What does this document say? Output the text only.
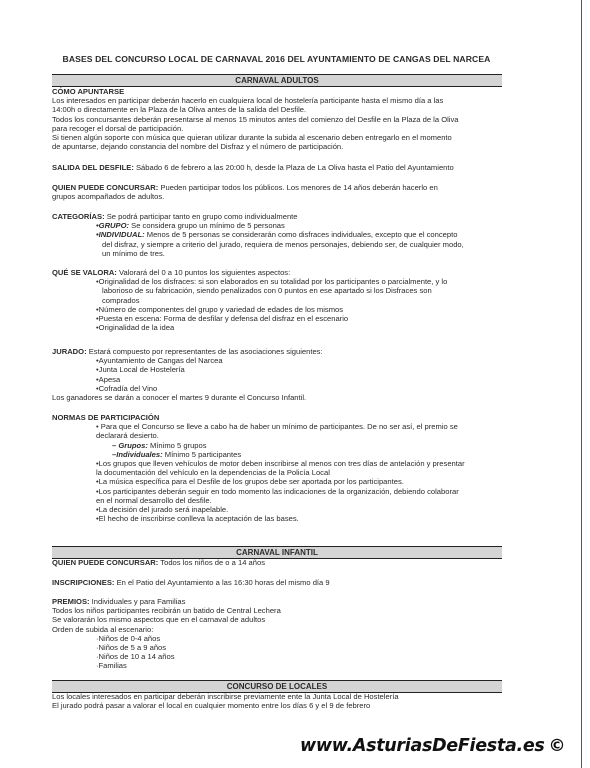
BASES DEL CONCURSO LOCAL DE CARNAVAL 2016 DEL AYUNTAMIENTO DE CANGAS DEL NARCEA
CARNAVAL ADULTOS
CÓMO APUNTARSE
Los interesados en participar deberán hacerlo en cualquiera local de hostelería participante hasta el mismo día a las
14:00h o directamente en la Plaza de la Oliva antes de la salida del Desfile.
Todos los concursantes deberán presentarse al menos 15 minutos antes del comienzo del Desfile en la Plaza de la Oliva
para recoger el dorsal de participación.
Si tienen algún soporte con música que quieran utilizar durante la subida al escenario deben entregarlo en el momento
de apuntarse, dejando constancia del nombre del Disfraz y el número de participación.
SALIDA DEL DESFILE: Sábado 6 de febrero a las 20:00 h, desde la Plaza de La Oliva hasta el Patio del Ayuntamiento
QUIEN PUEDE CONCURSAR: Pueden participar todos los públicos. Los menores de 14 años deberán hacerlo en
grupos acompañados de adultos.
CATEGORÍAS: Se podrá participar tanto en grupo como individualmente
•GRUPO: Se considera grupo un mínimo de 5 personas
•INDIVIDUAL: Menos de 5 personas se considerarán como disfraces individuales, excepto que el concepto
del disfraz, y siempre a criterio del jurado, requiera de menos personajes, debiendo ser, de cualquier modo,
un mínimo de tres.
QUÉ SE VALORA: Valorará del 0 a 10 puntos los siguientes aspectos:
•Originalidad de los disfraces: si son elaborados en su totalidad por los participantes o parcialmente, y lo
laborioso de su fabricación, siendo penalizados con 0 puntos en ese apartado si los Disfraces son
comprados
•Número de componentes del grupo y variedad de edades de los mismos
•Puesta en escena: Forma de desfilar y defensa del disfraz en el escenario
•Originalidad de la idea
JURADO: Estará compuesto por representantes de las asociaciones siguientes:
•Ayuntamiento de Cangas del Narcea
•Junta Local de Hostelería
•Apesa
•Cofradía del Vino
Los ganadores se darán a conocer el martes 9 durante el Concurso Infantil.
NORMAS DE PARTICIPACIÓN
• Para que el Concurso se lleve a cabo ha de haber un mínimo de participantes. De no ser así, el premio se
declarará desierto.
– Grupos: Mínimo 5 grupos
–Individuales: Mínimo 5 participantes
•Los grupos que lleven vehículos de motor deben inscribirse al menos con tres días de antelación y presentar
la documentación del vehículo en la dependencias de la Policía Local
•La música específica para el Desfile de los grupos debe ser aportada por los participantes.
•Los participantes deberán seguir en todo momento las indicaciones de la organización, debiendo colaborar
en el normal desarrollo del desfile.
•La decisión del jurado será inapelable.
•El hecho de inscribirse conlleva la aceptación de las bases.
CARNAVAL INFANTIL
QUIEN PUEDE CONCURSAR: Todos los niños de o a 14 años
INSCRIPCIONES: En el Patio del Ayuntamiento a las 16:30 horas del mismo día 9
PREMIOS: Individuales y para Familias
Todos los niños participantes recibirán un batido de Central Lechera
Se valorarán los mismo aspectos que en el carnaval de adultos
Orden de subida al escenario:
·Niños de 0-4 años
·Niños de 5 a 9 años
·Niños de 10 a 14 años
·Familias
CONCURSO DE LOCALES
Los locales interesados en participar deberán inscribirse previamente ente la Junta Local de Hostelería
El jurado podrá pasar a valorar el local en cualquier momento entre los días 6 y el 9 de febrero
www.AsturiasDeFiesta.es ©
